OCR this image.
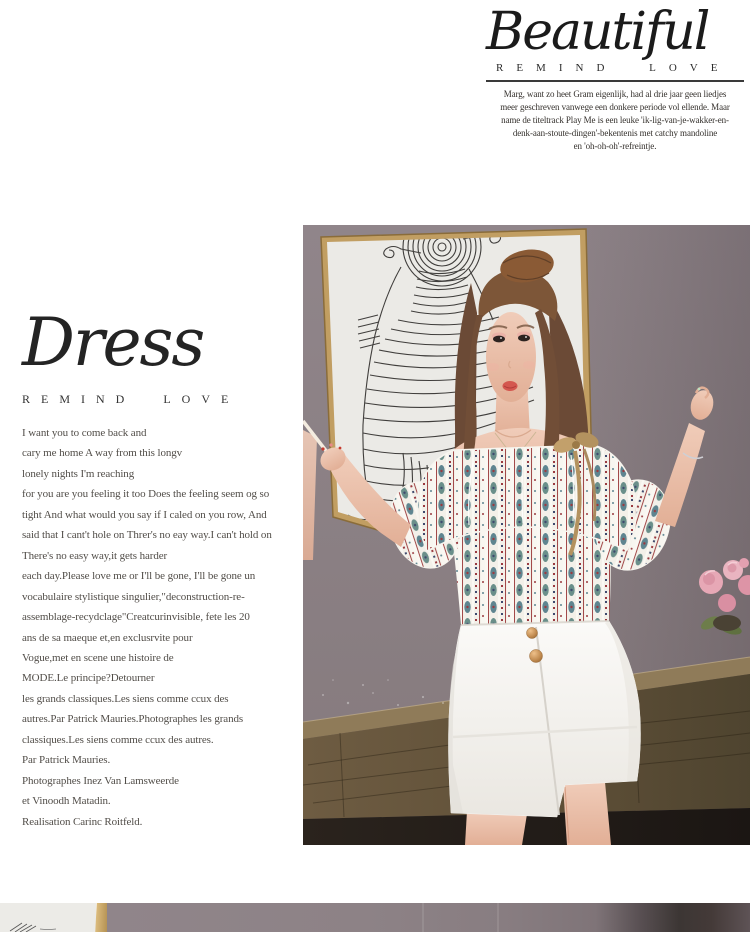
Beautiful
REMIND LOVE
Marg, want zo heet Gram eigenlijk, had al drie jaar geen liedjes
meer geschreven vanwege een donkere periode vol ellende. Maar
name de titeltrack Play Me is een leuke 'ik-lig-van-je-wakker-en-
denk-aan-stoute-dingen'-bekentenis met catchy mandoline
en 'oh-oh-oh'-refreintje.
Dress
REMIND LOVE
I want you to come back and
cary me home A way from this longv
lonely nights I'm reaching
for you are you feeling it too Does the feeling seem og so
tight And what would you say if I caled on you row, And
said that I cant't hole on Threr's no eay way.I can't hold on
There's no easy way,it gets harder
each day.Please love me or I'll be gone, I'll be gone un
vocabulaire stylistique singulier,"deconstruction-re-
assemblage-recydclage"Creatcurinvisible, fete les 20
ans de sa maeque et,en exclusrvite pour
Vogue,met en scene une histoire de
MODE.Le principe?Detourner
les grands classiques.Les siens comme ccux des
autres.Par Patrick Mauries.Photographes les grands
classiques.Les siens comme ccux des autres.
Par Patrick Mauries.
Photographes Inez Van Lamsweerde
et Vinoodh Matadin.
Realisation Carinc Roitfeld.
